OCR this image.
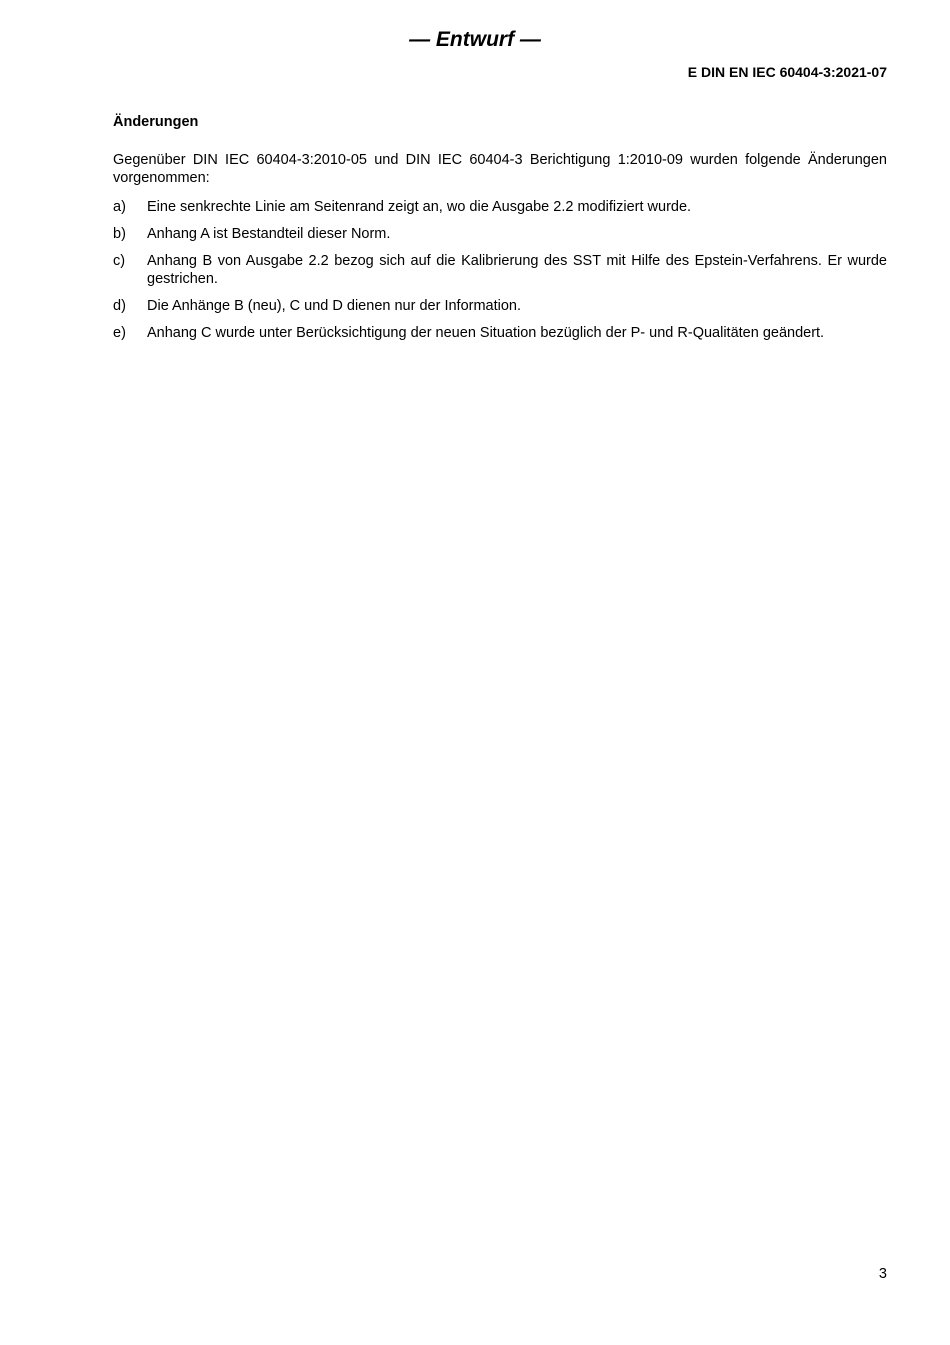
— Entwurf —
E DIN EN IEC 60404-3:2021-07
Änderungen
Gegenüber DIN IEC 60404-3:2010-05 und DIN IEC 60404-3 Berichtigung 1:2010-09 wurden folgende Änderungen vorgenommen:
a)	Eine senkrechte Linie am Seitenrand zeigt an, wo die Ausgabe 2.2 modifiziert wurde.
b)	Anhang A ist Bestandteil dieser Norm.
c)	Anhang B von Ausgabe 2.2 bezog sich auf die Kalibrierung des SST mit Hilfe des Epstein-Verfahrens. Er wurde gestrichen.
d)	Die Anhänge B (neu), C und D dienen nur der Information.
e)	Anhang C wurde unter Berücksichtigung der neuen Situation bezüglich der P- und R-Qualitäten geändert.
3
